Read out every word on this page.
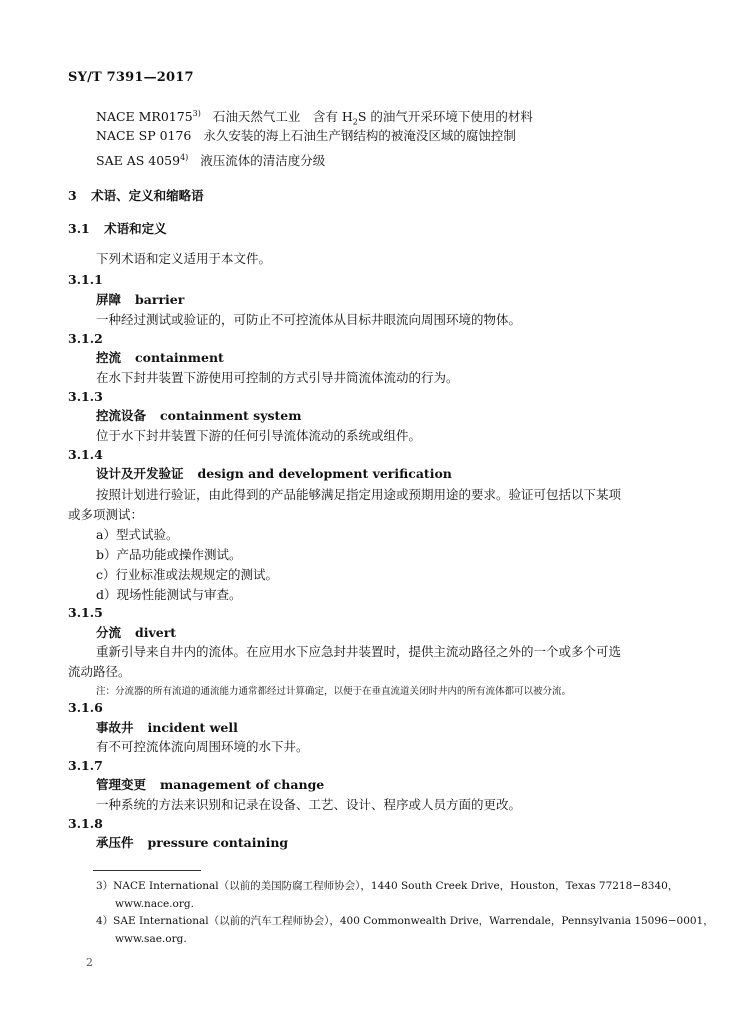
SY/T 7391—2017
NACE MR0175$^{3)}$ 石油天然气工业　含有 $H_2S$ 的油气开采环境下使用的材料
NACE SP 0176 永久安装的海上石油生产钢结构的被淹没区域的腐蚀控制
SAE AS 4059$^{4)}$ 液压流体的清洁度分级
3 术语、定义和缩略语
3.1 术语和定义
下列术语和定义适用于本文件。
3.1.1
屏障 barrier
一种经过测试或验证的，可防止不可控流体从目标井眼流向周围环境的物体。
3.1.2
控流 containment
在水下封井装置下游使用可控制的方式引导井筒流体流动的行为。
3.1.3
控流设备 containment system
位于水下封井装置下游的任何引导流体流动的系统或组件。
3.1.4
设计及开发验证 design and development verification
按照计划进行验证，由此得到的产品能够满足指定用途或预期用途的要求。验证可包括以下某项
或多项测试：
a）型式试验。
b）产品功能或操作测试。
c）行业标准或法规规定的测试。
d）现场性能测试与审查。
3.1.5
分流 divert
重新引导来自井内的流体。在应用水下应急封井装置时，提供主流动路径之外的一个或多个可选
流动路径。
注：分流器的所有流道的通流能力通常都经过计算确定，以便于在垂直流道关闭时井内的所有流体都可以被分流。
3.1.6
事故井 incident well
有不可控流体流向周围环境的水下井。
3.1.7
管理变更 management of change
一种系统的方法来识别和记录在设备、工艺、设计、程序或人员方面的更改。
3.1.8
承压件 pressure containing
3）NACE International（以前的美国防腐工程师协会），1440 South Creek Drive，Houston，Texas 77218−8340，
www.nace.org.
4）SAE International（以前的汽车工程师协会），400 Commonwealth Drive，Warrendale，Pennsylvania 15096−0001，
www.sae.org.
2
